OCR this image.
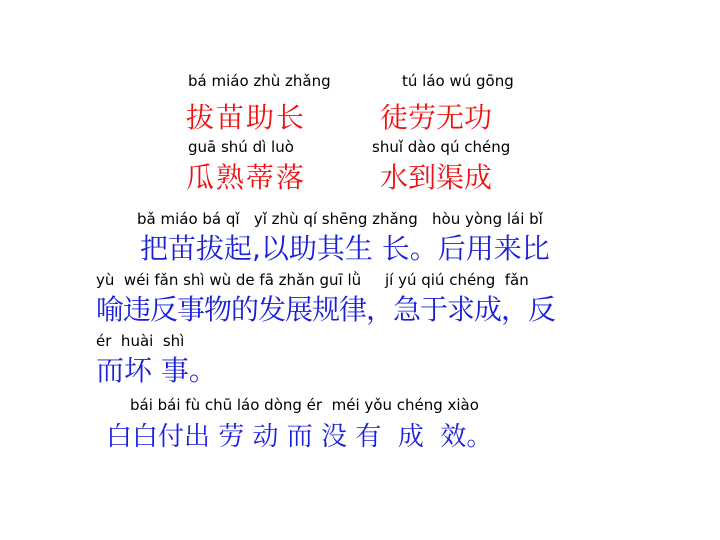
bá miáo zhù zhǎng	tú láo wú gōng
拔苗助长	徒劳无功
guā shú dì luò	shuǐ dào qú chéng
瓜熟蒂落	水到渠成
bǎ miáo bá qǐ   yǐ zhù qí shēng zhǎng   hòu yòng lái bǐ
把苗拔起,以助其生 长。后用来比
yù  wéi fǎn shì wù de fā zhǎn guī lǜ     jí yú qiú chéng  fǎn
喻违反事物的发展规律，急于求成，反
ér  huài  shì
而坏 事。
bái bái fù chū láo dòng ér  méi yǒu chéng xiào
白白付出 劳 动 而 没 有  成  效。
